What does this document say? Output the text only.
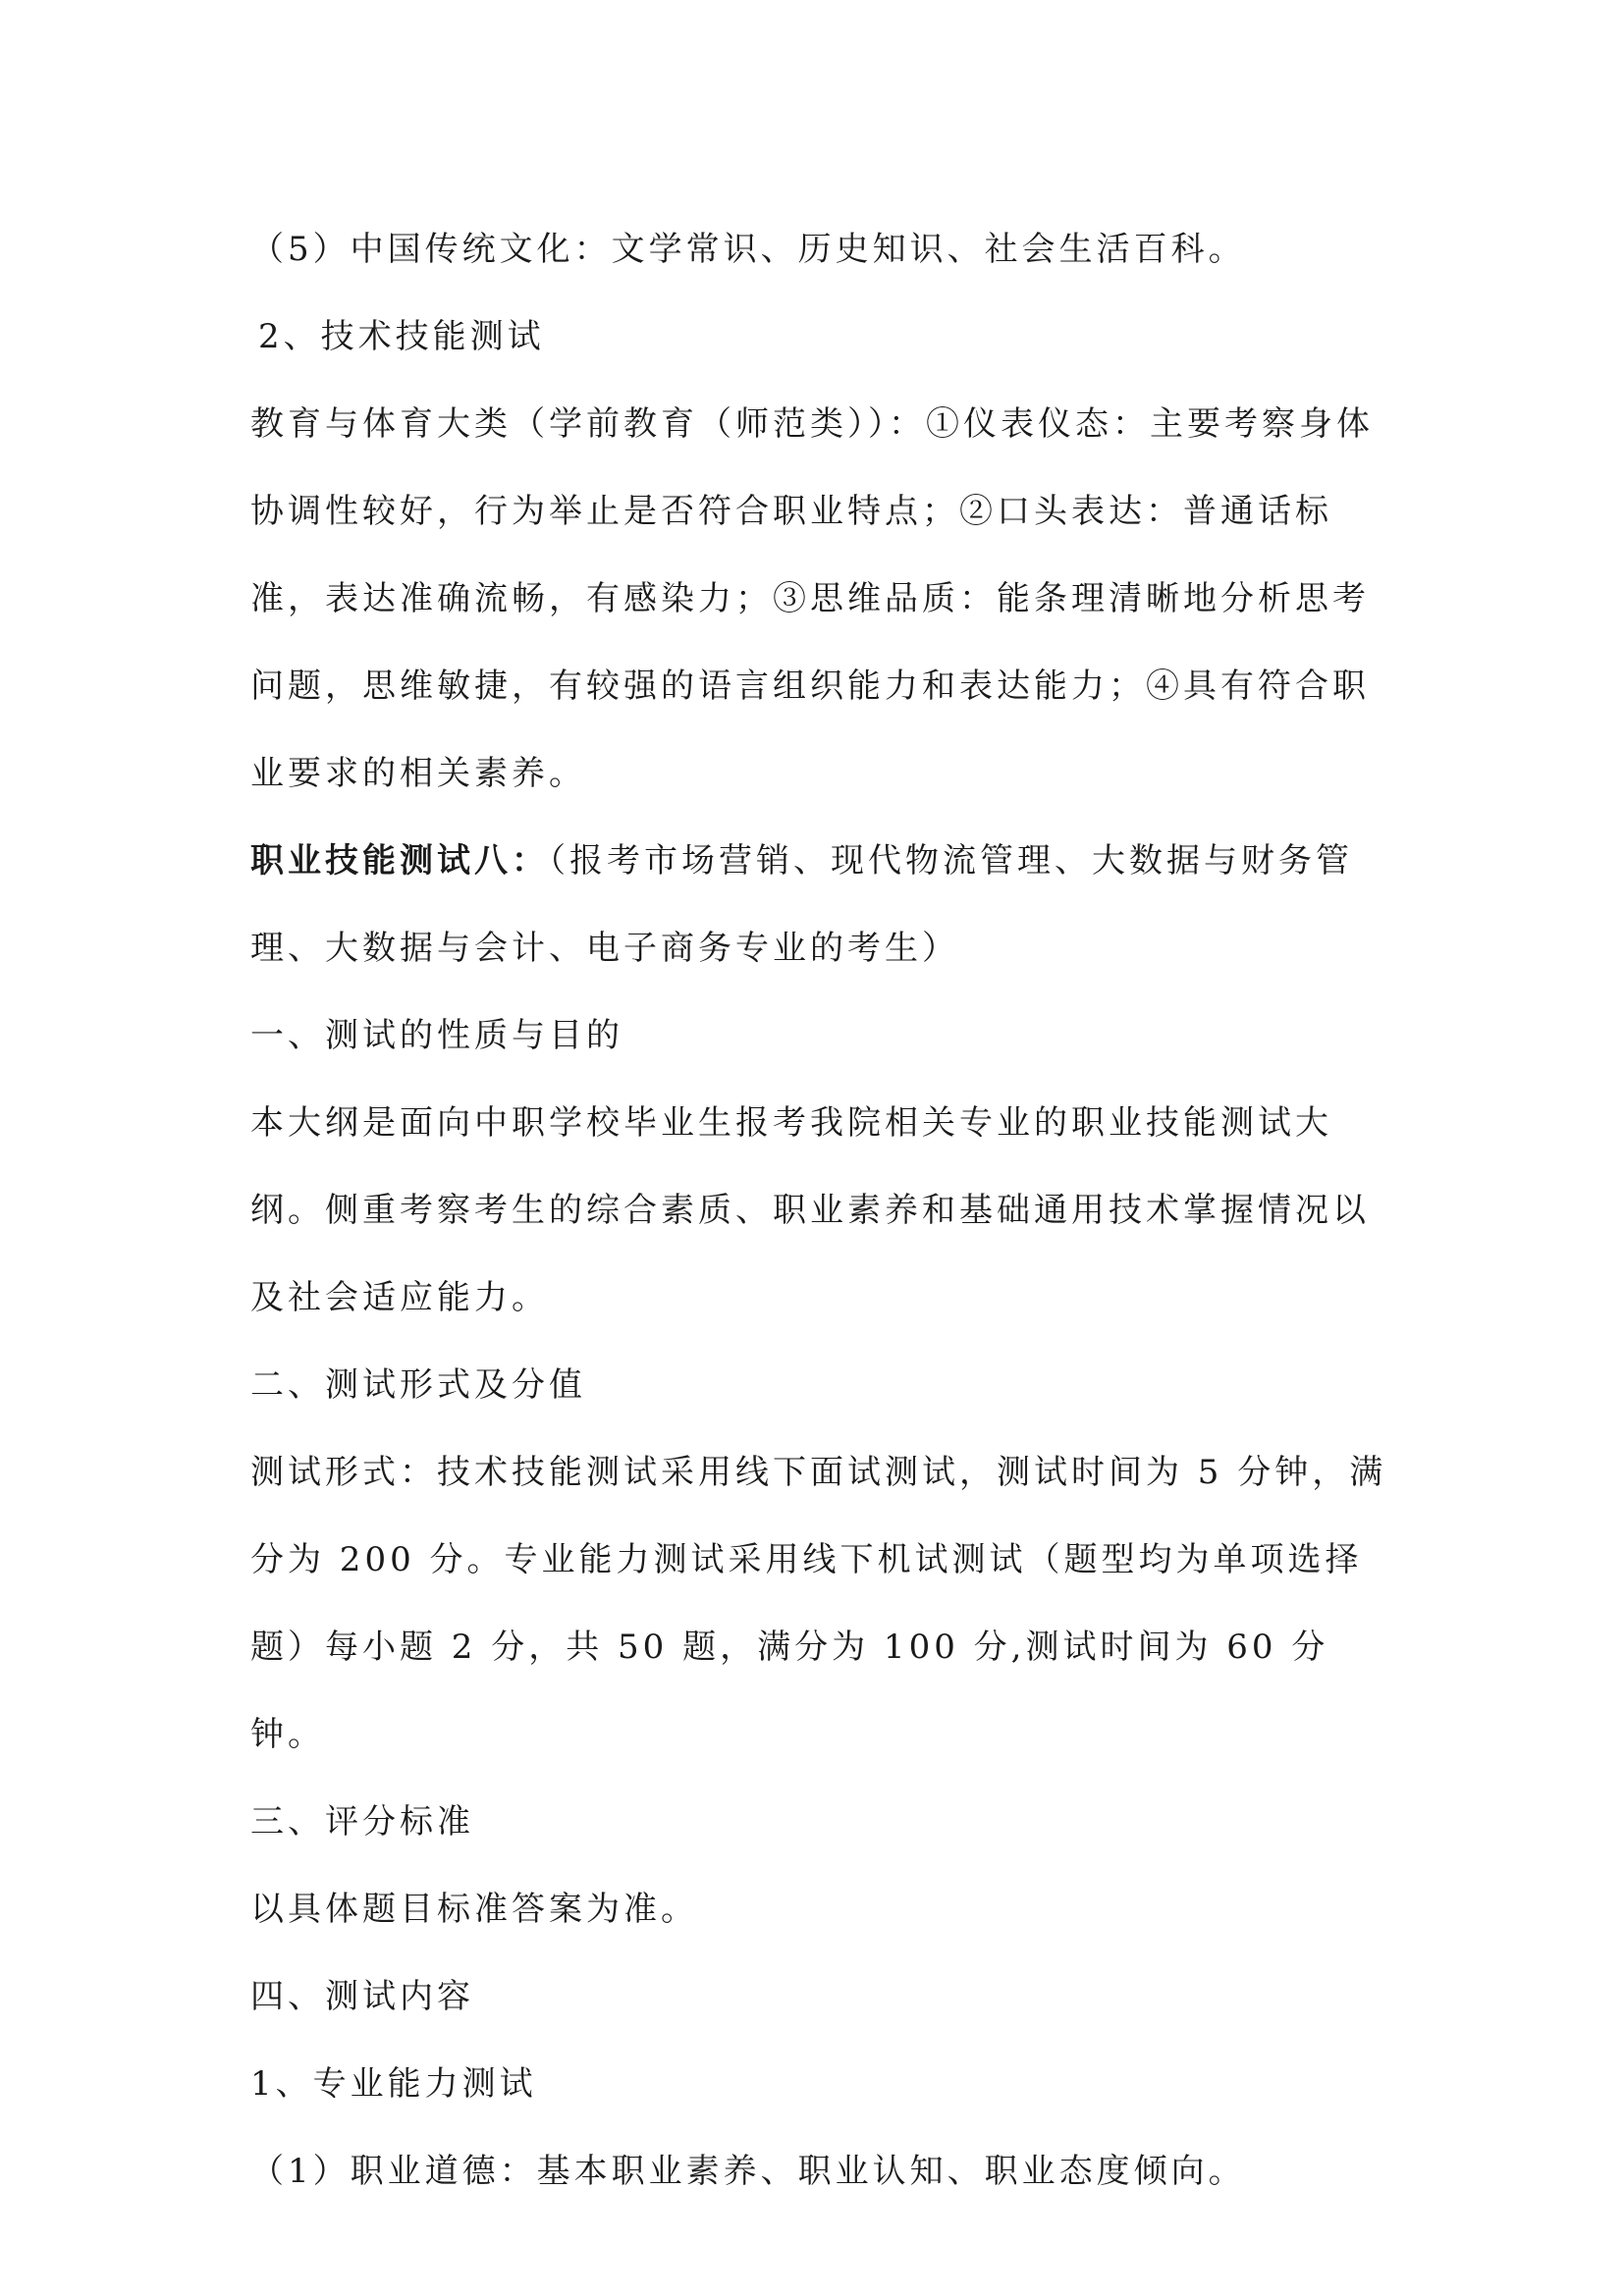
（5）中国传统文化：文学常识、历史知识、社会生活百科。

2、技术技能测试

教育与体育大类（学前教育（师范类））：①仪表仪态：主要考察身体协调性较好，行为举止是否符合职业特点；②口头表达：普通话标准，表达准确流畅，有感染力；③思维品质：能条理清晰地分析思考问题，思维敏捷，有较强的语言组织能力和表达能力；④具有符合职业要求的相关素养。

职业技能测试八：（报考市场营销、现代物流管理、大数据与财务管理、大数据与会计、电子商务专业的考生）

一、测试的性质与目的

本大纲是面向中职学校毕业生报考我院相关专业的职业技能测试大纲。侧重考察考生的综合素质、职业素养和基础通用技术掌握情况以及社会适应能力。

二、测试形式及分值

测试形式：技术技能测试采用线下面试测试，测试时间为 5 分钟，满分为 200 分。专业能力测试采用线下机试测试（题型均为单项选择题）每小题 2 分，共 50 题，满分为 100 分,测试时间为 60 分钟。

三、评分标准

以具体题目标准答案为准。

四、测试内容

1、专业能力测试

（1）职业道德：基本职业素养、职业认知、职业态度倾向。
